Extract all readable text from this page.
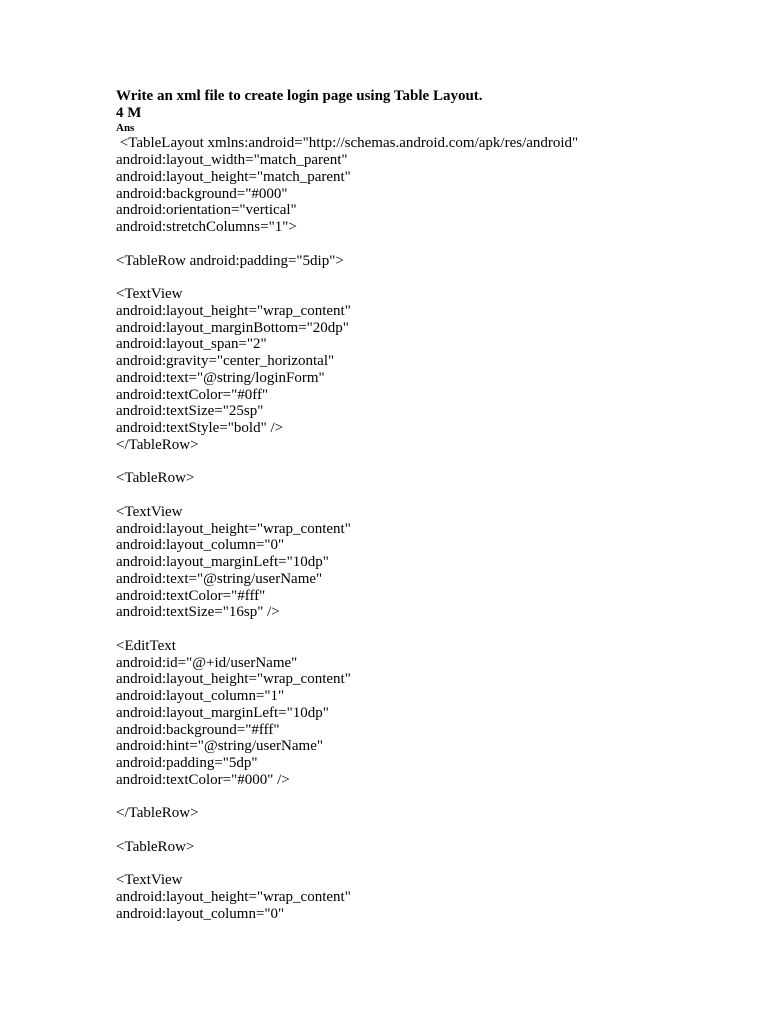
Write an xml file to create login page using Table Layout.
4 M
Ans
<TableLayout xmlns:android="http://schemas.android.com/apk/res/android"
android:layout_width="match_parent"
android:layout_height="match_parent"
android:background="#000"
android:orientation="vertical"
android:stretchColumns="1">
<TableRow android:padding="5dip">
<TextView
android:layout_height="wrap_content"
android:layout_marginBottom="20dp"
android:layout_span="2"
android:gravity="center_horizontal"
android:text="@string/loginForm"
android:textColor="#0ff"
android:textSize="25sp"
android:textStyle="bold" />
</TableRow>
<TableRow>
<TextView
android:layout_height="wrap_content"
android:layout_column="0"
android:layout_marginLeft="10dp"
android:text="@string/userName"
android:textColor="#fff"
android:textSize="16sp" />
<EditText
android:id="@+id/userName"
android:layout_height="wrap_content"
android:layout_column="1"
android:layout_marginLeft="10dp"
android:background="#fff"
android:hint="@string/userName"
android:padding="5dp"
android:textColor="#000" />
</TableRow>
<TableRow>
<TextView
android:layout_height="wrap_content"
android:layout_column="0"
